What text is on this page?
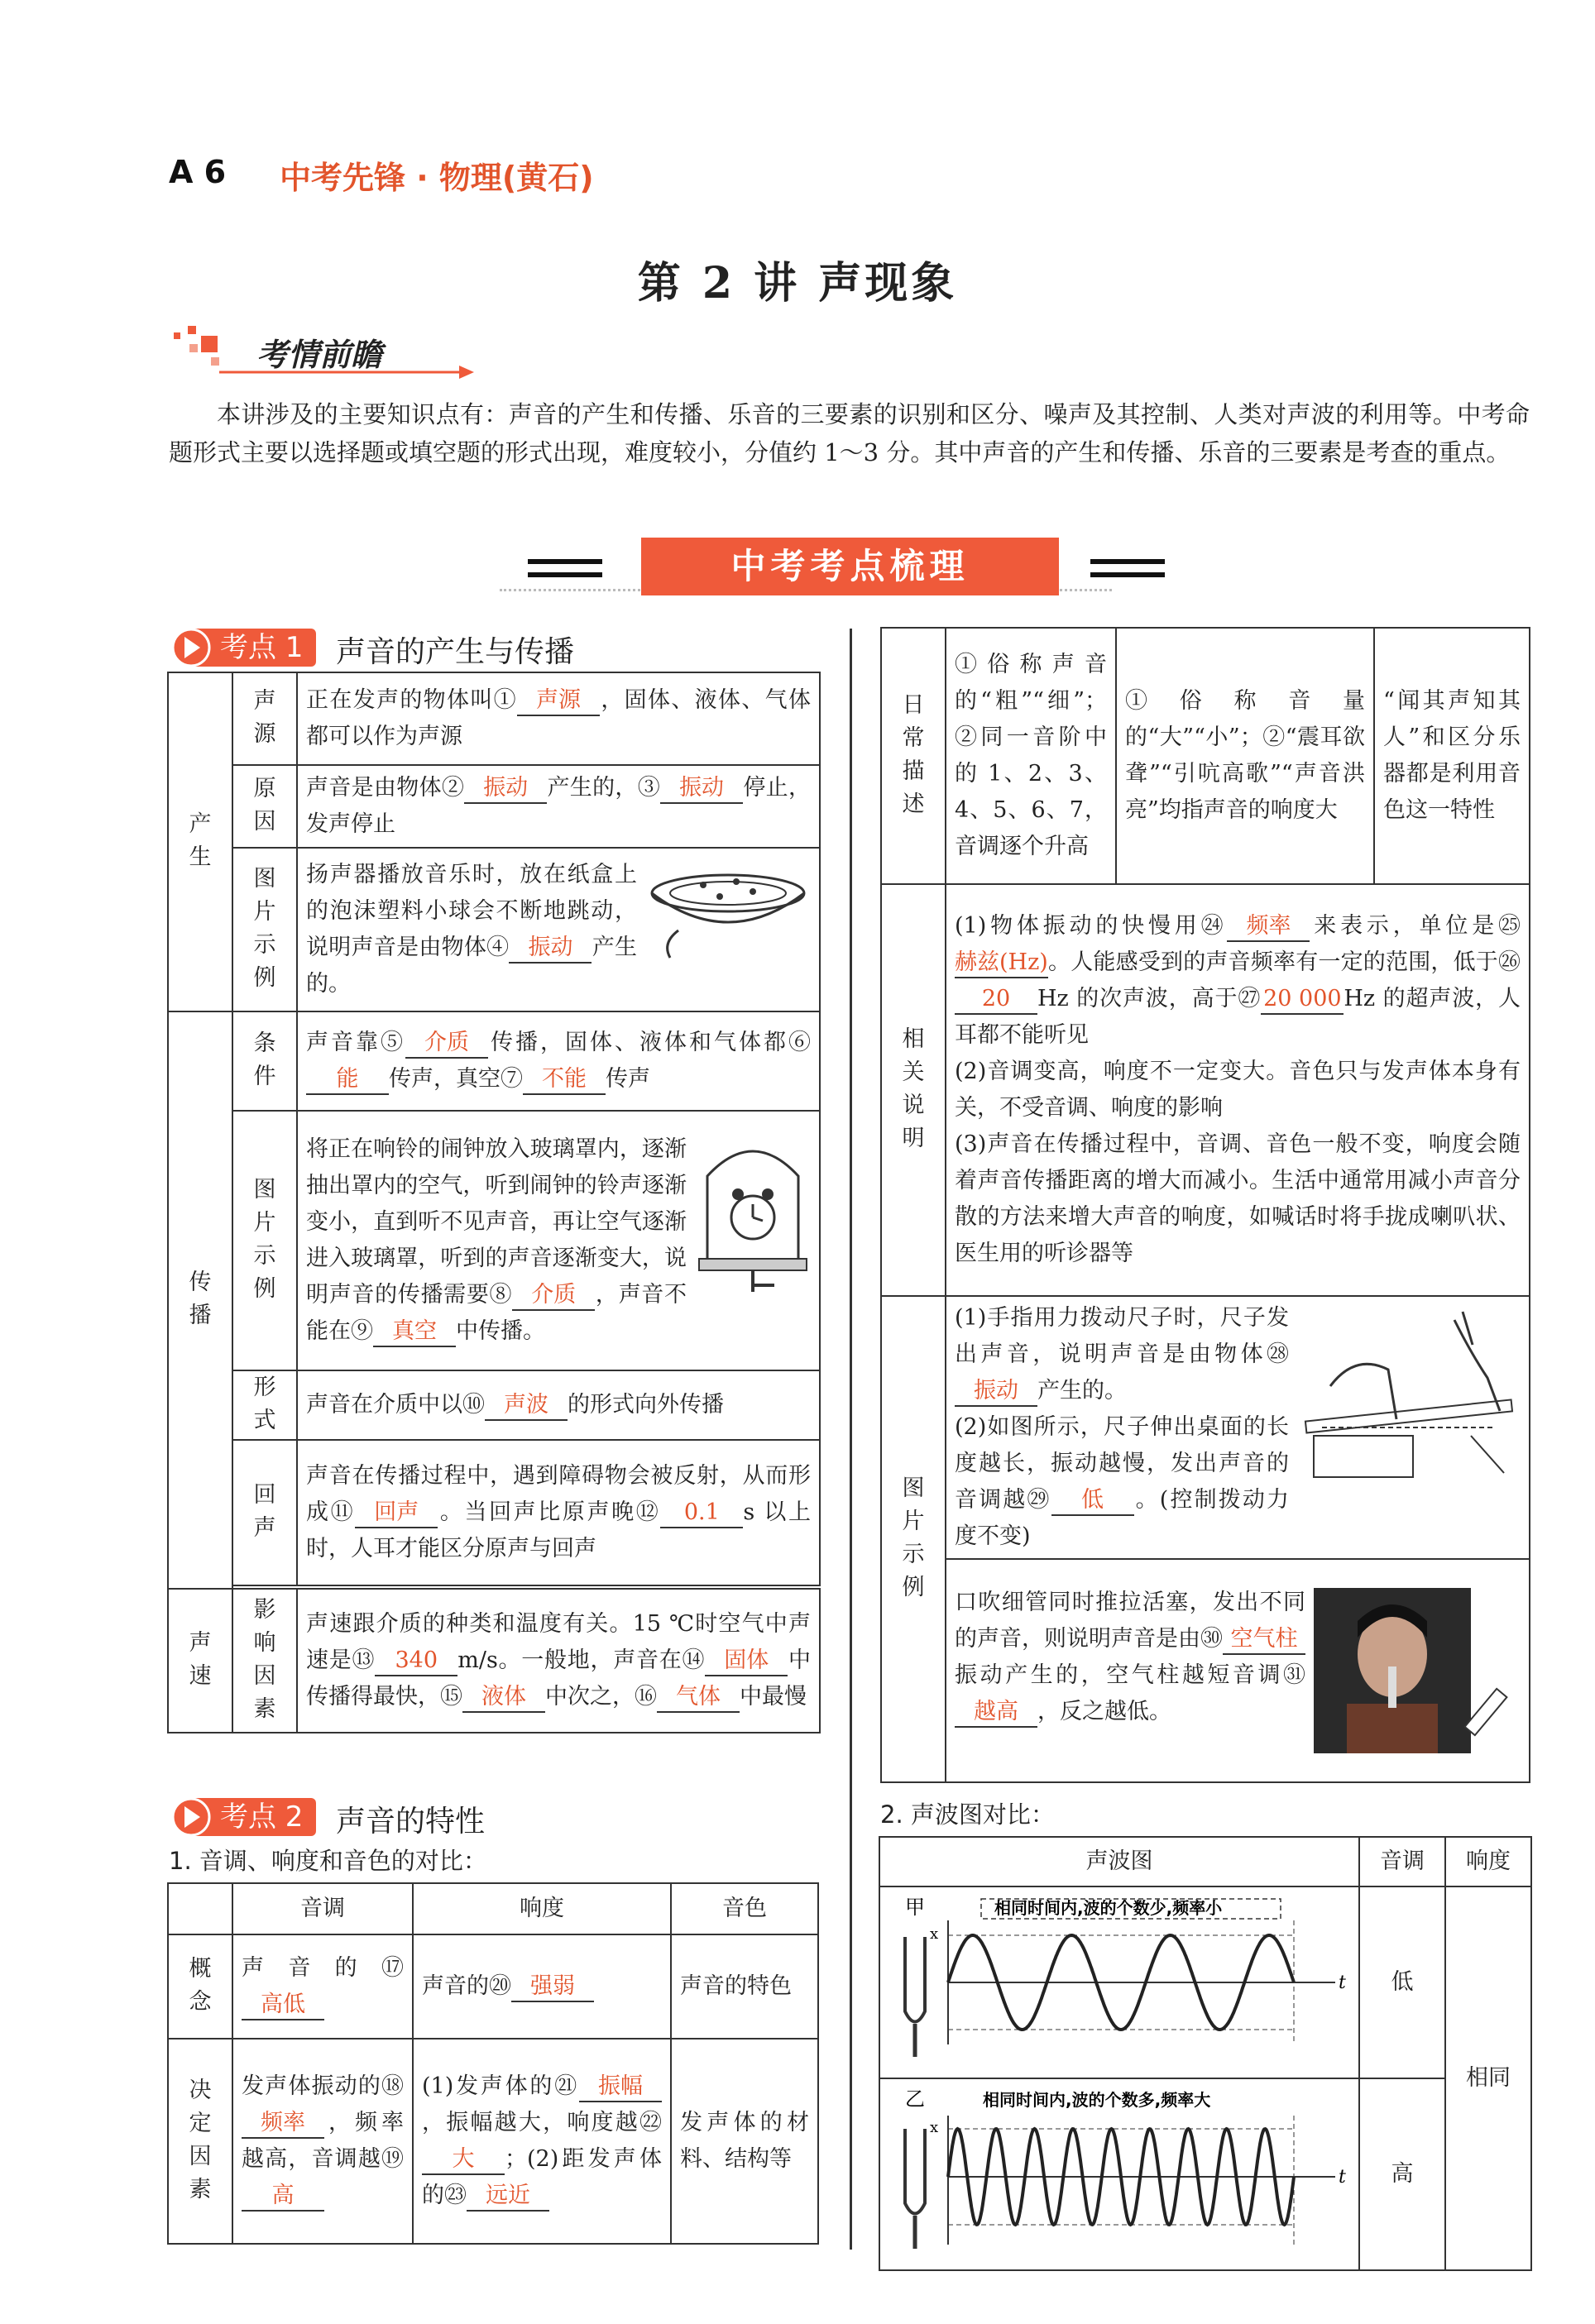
A 6 中考先锋 · 物理(黄石)
第 2 讲 声现象
考情前瞻
本讲涉及的主要知识点有：声音的产生和传播、乐音的三要素的识别和区分、噪声及其控制、人类对声波的利用等。中考命题形式主要以选择题或填空题的形式出现，难度较小，分值约 1～3 分。其中声音的产生和传播、乐音的三要素是考查的重点。
中考考点梳理
考点 1	声音的产生与传播
产生	声源	正在发声的物体叫① 声源 ，固体、液体、气体都可以作为声源
	原因	声音是由物体② 振动 产生的，③ 振动 停止，发声停止
	图片示例	扬声器播放音乐时，放在纸盒上的泡沫塑料小球会不断地跳动，说明声音是由物体④ 振动 产生的。
传播	条件	声音靠⑤ 介质 传播，固体、液体和气体都⑥能 传声，真空⑦ 不能 传声
	图片示例	将正在响铃的闹钟放入玻璃罩内，逐渐抽出罩内的空气，听到闹钟的铃声逐渐变小，直到听不见声音，再让空气逐渐进入玻璃罩，听到的声音逐渐变大，说明声音的传播需要⑧ 介质 ，声音不能在⑨ 真空 中传播。
	形式	声音在介质中以⑩ 声波 的形式向外传播
	回声	声音在传播过程中，遇到障碍物会被反射，从而形成⑪ 回声 。当回声比原声晚⑫ 0.1 s 以上时，人耳才能区分原声与回声

声速	影响因素	声速跟介质的种类和温度有关。15 ℃时空气中声速是⑬ 340 m/s。一般地，声音在⑭ 固体 中传播得最快，⑮ 液体 中次之，⑯ 气体 中最慢
考点 2	声音的特性
1. 音调、响度和音色的对比：
	音调	响度	音色
概念	声音的⑰高低	声音的⑳ 强弱	声音的特色
决定因素	发声体振动的⑱频率 ，频率越高，音调越⑲高	(1)发声体的㉑ 振幅，振幅越大，响度越㉒大 ；(2)距发声体的㉓ 远近	发声体的材料、结构等
日常描述	①俗称声音的“粗”“细”；②同一音阶中的 1、2、3、4、5、6、7，音调逐个升高	①俗称音量的“大”“小”；②“震耳欲聋”“引吭高歌”“声音洪亮”均指声音的响度大	“闻其声知其人”和区分乐器都是利用音色这一特性
相关说明	(1)物体振动的快慢用㉔ 频率 来表示，单位是㉕赫兹(Hz)。人能感受到的声音频率有一定的范围，低于㉖20 Hz 的次声波，高于㉗ 20 000 Hz 的超声波，人耳都不能听见
(2)音调变高，响度不一定变大。音色只与发声体本身有关，不受音调、响度的影响
(3)声音在传播过程中，音调、音色一般不变，响度会随着声音传播距离的增大而减小。生活中通常用减小声音分散的方法来增大声音的响度，如喊话时将手拢成喇叭状、医生用的听诊器等		
图片示例	(1)手指用力拨动尺子时，尺子发出声音，说明声音是由物体㉘振动 产生的。
(2)如图所示，尺子伸出桌面的长度越长，振动越慢，发出声音的音调越㉙ 低 。(控制拨动力度不变)		

口吹细管同时推拉活塞，发出不同的声音，则说明声音是由㉚ 空气柱振动产生的，空气柱越短音调㉛越高 ，反之越低。		
2. 声波图对比：
声波图	音调	响度

甲 相同时间内,波的个数少,频率小
x
t	低	相同

乙 相同时间内,波的个数多,频率大
x
t	高	
